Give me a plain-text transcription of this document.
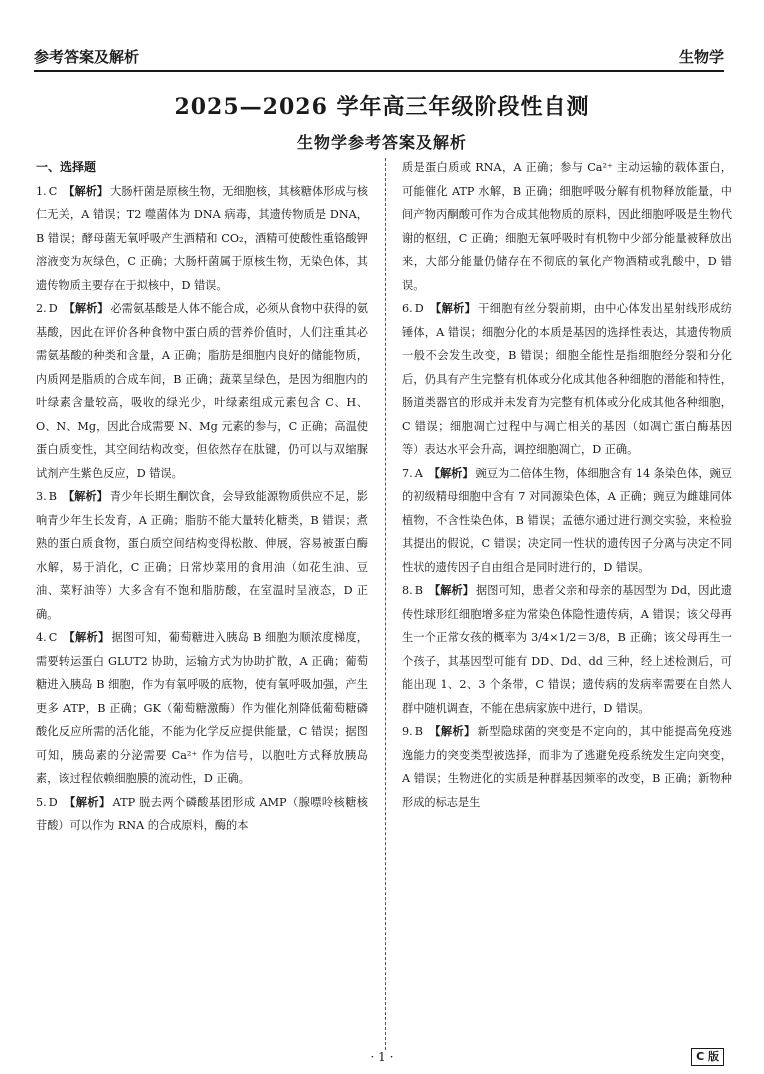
参考答案及解析	生物学
2025—2026 学年高三年级阶段性自测
生物学参考答案及解析
一、选择题

1. C 【解析】 大肠杆菌是原核生物，无细胞核，其核糖体形成与核仁无关，A 错误；T2 噬菌体为 DNA 病毒，其遗传物质是 DNA，B 错误；酵母菌无氧呼吸产生酒精和 CO₂，酒精可使酸性重铬酸钾溶液变为灰绿色，C 正确；大肠杆菌属于原核生物，无染色体，其遗传物质主要存在于拟核中，D 错误。

2. D 【解析】 必需氨基酸是人体不能合成，必须从食物中获得的氨基酸，因此在评价各种食物中蛋白质的营养价值时，人们注重其必需氨基酸的种类和含量，A 正确；脂肪是细胞内良好的储能物质，内质网是脂质的合成车间，B 正确；蔬菜呈绿色，是因为细胞内的叶绿素含量较高，吸收的绿光少，叶绿素组成元素包含 C、H、O、N、Mg，因此合成需要 N、Mg 元素的参与，C 正确；高温使蛋白质变性，其空间结构改变，但依然存在肽键，仍可以与双缩脲试剂产生紫色反应，D 错误。

3. B 【解析】 青少年长期生酮饮食，会导致能源物质供应不足，影响青少年生长发育，A 正确；脂肪不能大量转化糖类，B 错误；煮熟的蛋白质食物，蛋白质空间结构变得松散、伸展，容易被蛋白酶水解，易于消化，C 正确；日常炒菜用的食用油（如花生油、豆油、菜籽油等）大多含有不饱和脂肪酸，在室温时呈液态，D 正确。

4. C 【解析】 据图可知，葡萄糖进入胰岛 B 细胞为顺浓度梯度，需要转运蛋白 GLUT2 协助，运输方式为协助扩散，A 正确；葡萄糖进入胰岛 B 细胞，作为有氧呼吸的底物，使有氧呼吸加强，产生更多 ATP，B 正确；GK（葡萄糖激酶）作为催化剂降低葡萄糖磷酸化反应所需的活化能，不能为化学反应提供能量，C 错误；据图可知，胰岛素的分泌需要 Ca²⁺ 作为信号，以胞吐方式释放胰岛素，该过程依赖细胞膜的流动性，D 正确。

5. D 【解析】 ATP 脱去两个磷酸基团形成 AMP（腺嘌呤核糖核苷酸）可以作为 RNA 的合成原料，酶的本

质是蛋白质或 RNA，A 正确；参与 Ca²⁺ 主动运输的载体蛋白，可能催化 ATP 水解，B 正确；细胞呼吸分解有机物释放能量，中间产物丙酮酸可作为合成其他物质的原料，因此细胞呼吸是生物代谢的枢纽，C 正确；细胞无氧呼吸时有机物中少部分能量被释放出来，大部分能量仍储存在不彻底的氧化产物酒精或乳酸中，D 错误。

6. D 【解析】 干细胞有丝分裂前期，由中心体发出星射线形成纺锤体，A 错误；细胞分化的本质是基因的选择性表达，其遗传物质一般不会发生改变，B 错误；细胞全能性是指细胞经分裂和分化后，仍具有产生完整有机体或分化成其他各种细胞的潜能和特性，肠道类器官的形成并未发育为完整有机体或分化成其他各种细胞，C 错误；细胞凋亡过程中与凋亡相关的基因（如凋亡蛋白酶基因等）表达水平会升高，调控细胞凋亡，D 正确。

7. A 【解析】 豌豆为二倍体生物，体细胞含有 14 条染色体，豌豆的初级精母细胞中含有 7 对同源染色体，A 正确；豌豆为雌雄同体植物，不含性染色体，B 错误；孟德尔通过进行测交实验，来检验其提出的假说，C 错误；决定同一性状的遗传因子分离与决定不同性状的遗传因子自由组合是同时进行的，D 错误。

8. B 【解析】 据图可知，患者父亲和母亲的基因型为 Dd，因此遗传性球形红细胞增多症为常染色体隐性遗传病，A 错误；该父母再生一个正常女孩的概率为 3/4×1/2＝3/8，B 正确；该父母再生一个孩子，其基因型可能有 DD、Dd、dd 三种，经上述检测后，可能出现 1、2、3 个条带，C 错误；遗传病的发病率需要在自然人群中随机调查，不能在患病家族中进行，D 错误。

9. B 【解析】 新型隐球菌的突变是不定向的，其中能提高免疫逃逸能力的突变类型被选择，而非为了逃避免疫系统发生定向突变，A 错误；生物进化的实质是种群基因频率的改变，B 正确；新物种形成的标志是生

· 1 ·	C 版
